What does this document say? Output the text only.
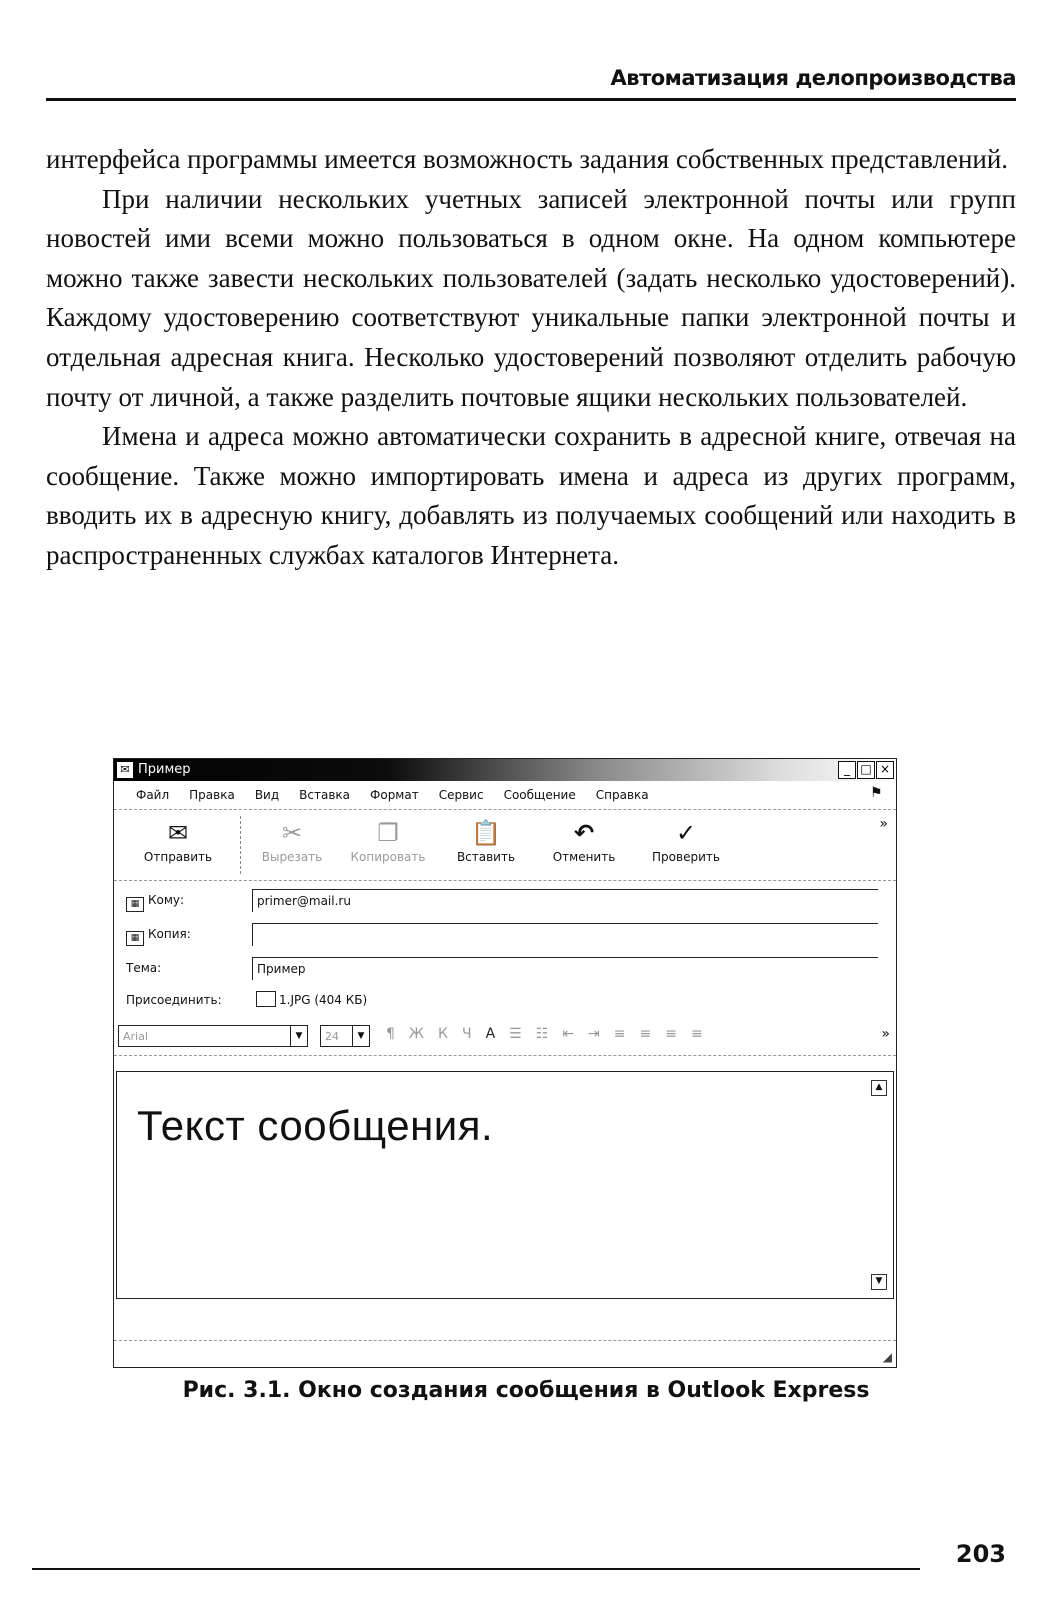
Автоматизация делопроизводства

интерфейса программы имеется возможность задания собственных представлений.

При наличии нескольких учетных записей электронной почты или групп новостей ими всеми можно пользоваться в одном окне. На одном компьютере можно также завести нескольких пользователей (задать несколько удостоверений). Каждому удостоверению соответствуют уникальные папки электронной почты и отдельная адресная книга. Несколько удостоверений позволяют отделить рабочую почту от личной, а также разделить почтовые ящики нескольких пользователей.

Имена и адреса можно автоматически сохранить в адресной книге, отвечая на сообщение. Также можно импортировать имена и адреса из других программ, вводить их в адресную книгу, добавлять из получаемых сообщений или находить в распространенных службах каталогов Интернета.

✉ Пример	_ □ ×
Файл Правка Вид Вставка Формат Сервис Сообщение Справка	⚑
✉
Отправить
✂
Вырезать
❐
Копировать
📋
Вставить
↶
Отменить
✓
Проверить
»
▦ Кому:	primer@mail.ru
▦ Копия:
Тема:	Пример
Присоединить:	1.JPG (404 КБ)
Arial	▼	24	▼	¶ Ж К Ч A ☰ ☷ ⇤ ⇥ ≡ ≡ ≡ ≡	»
Текст сообщения.
▲
▼
◢
Рис. 3.1. Окно создания сообщения в Outlook Express
203
